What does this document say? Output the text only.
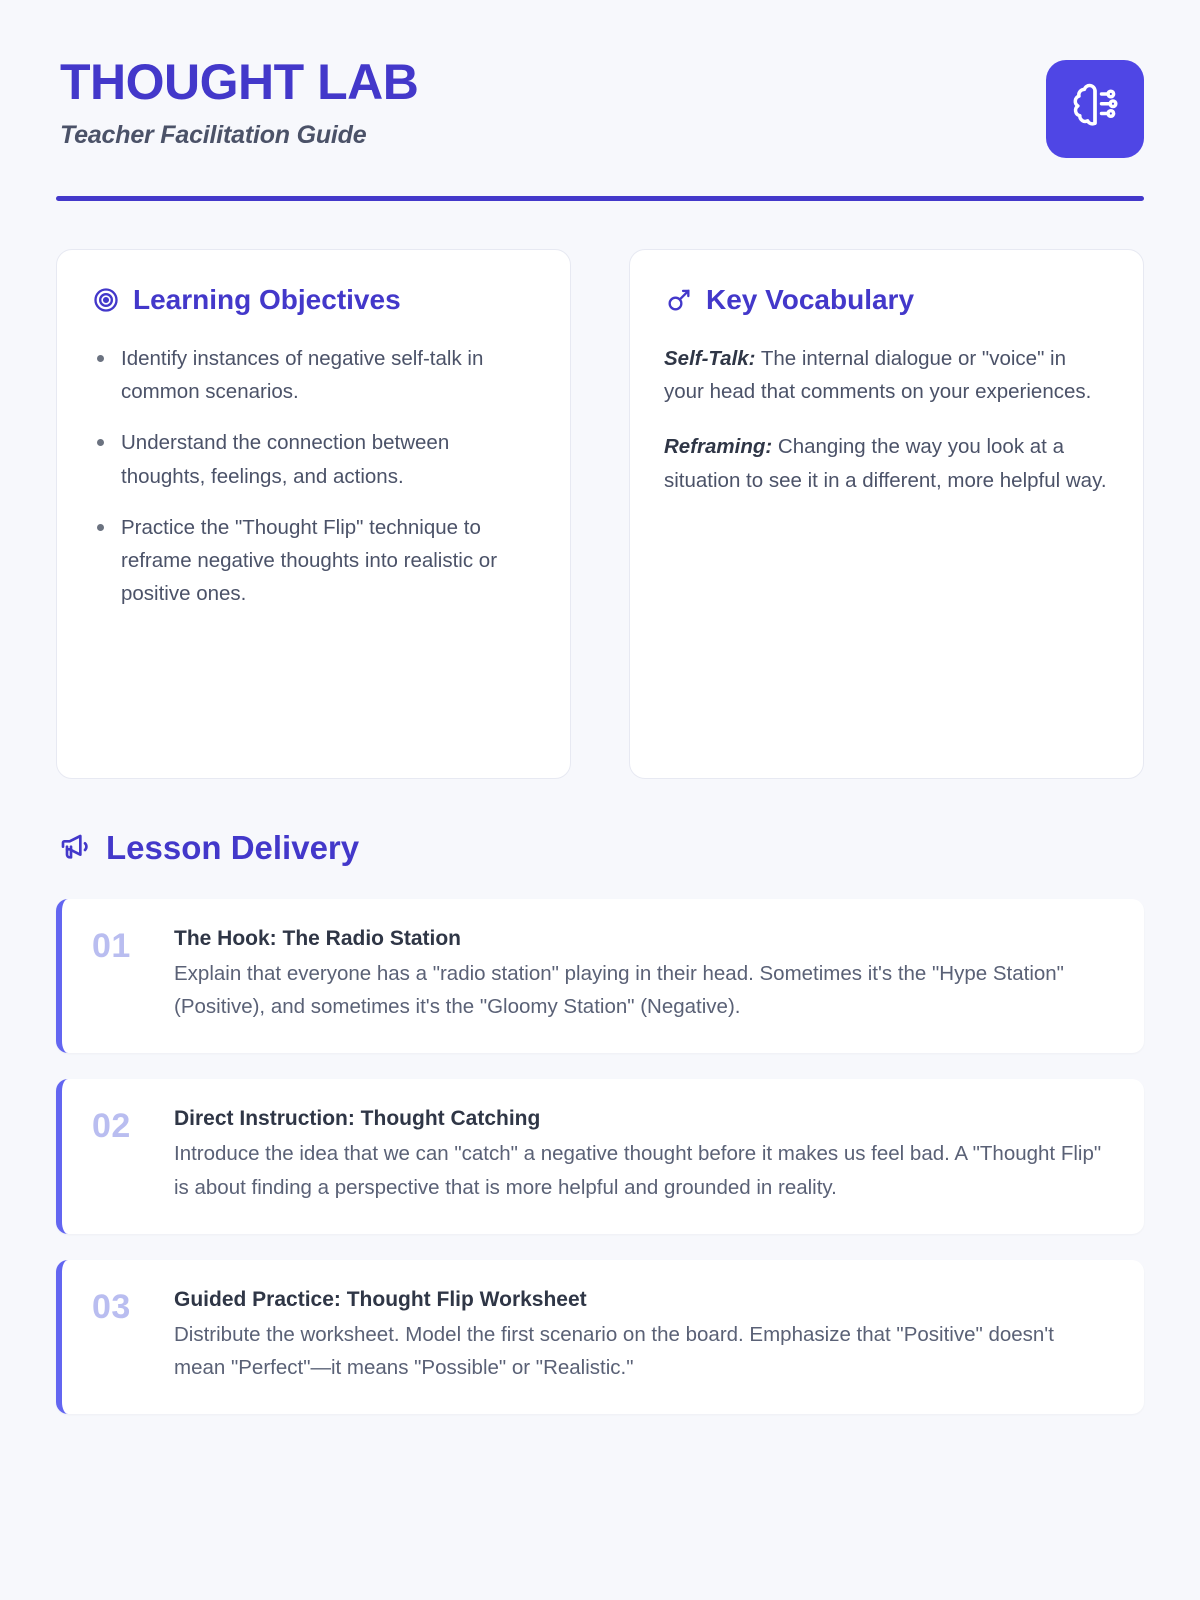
THOUGHT LAB
Teacher Facilitation Guide
Learning Objectives
Identify instances of negative self-talk in common scenarios.
Understand the connection between thoughts, feelings, and actions.
Practice the "Thought Flip" technique to reframe negative thoughts into realistic or positive ones.
Key Vocabulary

Self-Talk: The internal dialogue or "voice" in your head that comments on your experiences.

Reframing: Changing the way you look at a situation to see it in a different, more helpful way.

Lesson Delivery
01	The Hook: The Radio Station
Explain that everyone has a "radio station" playing in their head. Sometimes it's the "Hype Station" (Positive), and sometimes it's the "Gloomy Station" (Negative).
02	Direct Instruction: Thought Catching
Introduce the idea that we can "catch" a negative thought before it makes us feel bad. A "Thought Flip" is about finding a perspective that is more helpful and grounded in reality.
03	Guided Practice: Thought Flip Worksheet
Distribute the worksheet. Model the first scenario on the board. Emphasize that "Positive" doesn't mean "Perfect"—it means "Possible" or "Realistic."
